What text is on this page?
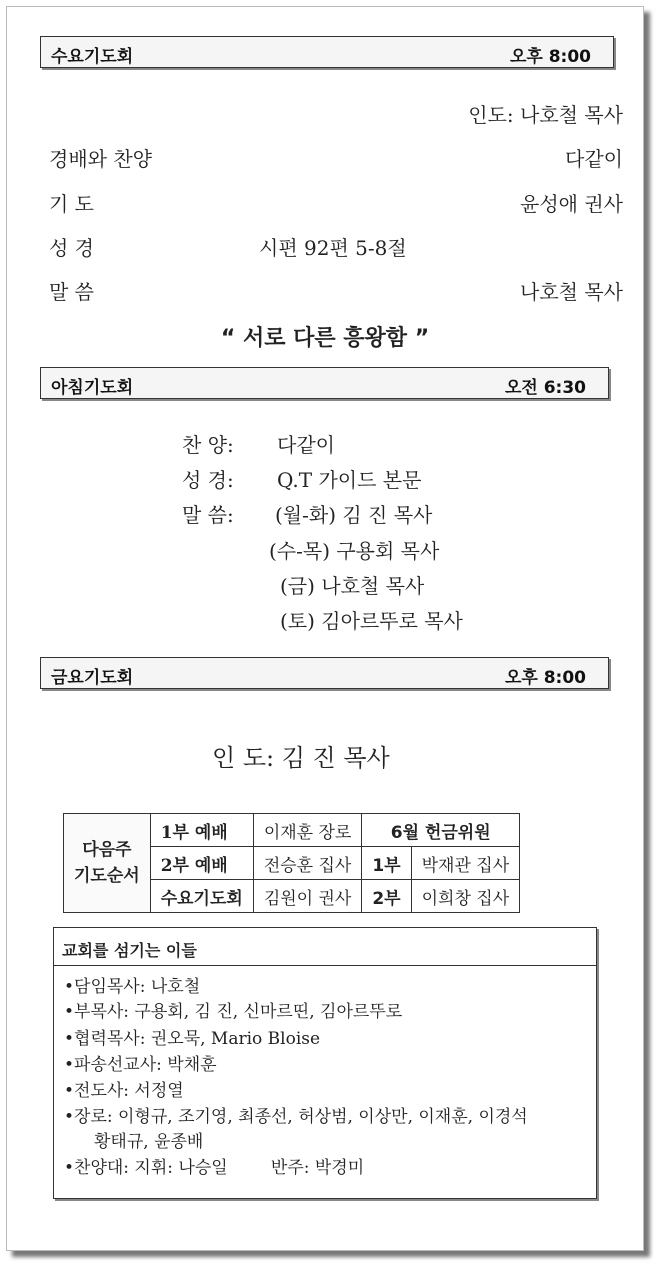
수요기도회	오후 8:00
인도: 나호철 목사
경배와 찬양	다같이
기 도	윤성애 권사
성 경	시편 92편 5-8절
말 씀	나호철 목사
“ 서로 다른 흥왕함 ”
아침기도회	오전 6:30
찬 양: 다같이
성 경: Q.T 가이드 본문
말 씀: (월-화) 김 진 목사
(수-목) 구용회 목사
(금) 나호철 목사
(토) 김아르뚜로 목사
금요기도회	오후 8:00
인 도: 김 진 목사
다음주
기도순서	1부 예배	이재훈 장로	6월 헌금위원	
	2부 예배	전승훈 집사	1부	박재관 집사
	수요기도회	김원이 권사	2부	이희창 집사
교회를 섬기는 이들
•담임목사: 나호철
•부목사: 구용회, 김 진, 신마르띤, 김아르뚜로
•협력목사: 권오묵, Mario Bloise
•파송선교사: 박채훈
•전도사: 서정열
•장로: 이형규, 조기영, 최종선, 허상범, 이상만, 이재훈, 이경석
황태규, 윤종배
•찬양대: 지휘: 나승일        반주: 박경미
